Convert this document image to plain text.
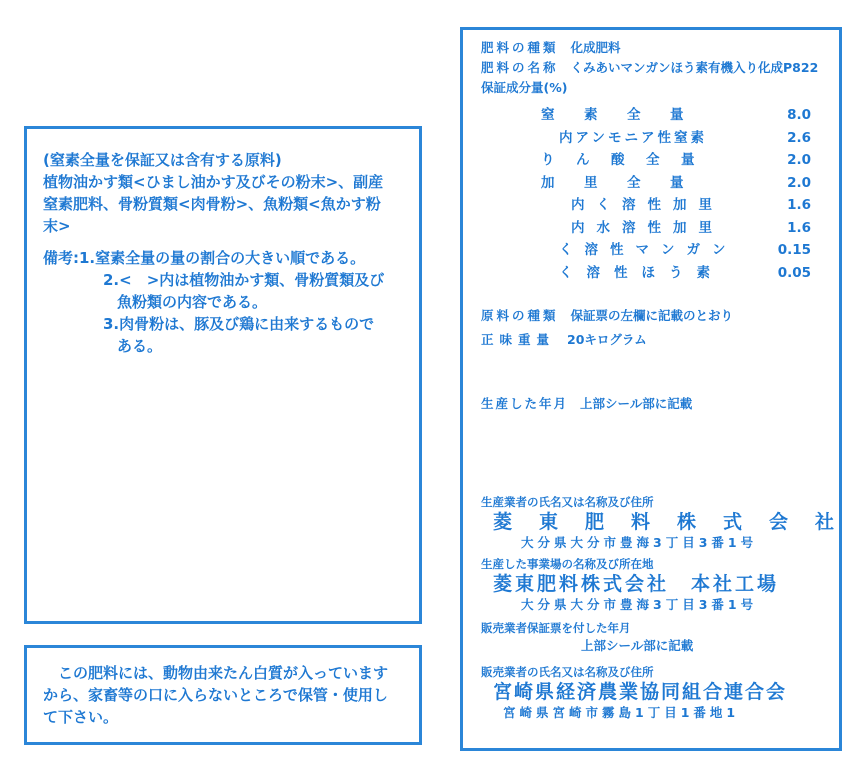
(窒素全量を保証又は含有する原料)
植物油かす類<ひまし油かす及びその粉末>、副産
窒素肥料、骨粉質類<肉骨粉>、魚粉類<魚かす粉
末>
備考:1.窒素全量の量の割合の大きい順である。
2.<　>内は植物油かす類、骨粉質類及び
魚粉類の内容である。
3.肉骨粉は、豚及び鶏に由来するもので
ある。
　この肥料には、動物由来たん白質が入っています
から、家畜等の口に入らないところで保管・使用し
て下さい。
肥料の種類 化成肥料
肥料の名称 くみあいマンガンほう素有機入り化成P822
保証成分量(%)
窒　素　全　量	8.0
内アンモニア性窒素	2.6
り　ん　酸　全　量	2.0
加　里　全　量	2.0
内く溶性加里	1.6
内水溶性加里	1.6
く溶性マンガン	0.15
く溶性ほう素	0.05
原料の種類 保証票の左欄に記載のとおり
正味重量 20キログラム
生産した年月 上部シール部に記載
生産業者の氏名又は名称及び住所
菱　東　肥　料　株　式　会　社
大分県大分市豊海3丁目3番1号
生産した事業場の名称及び所在地
菱東肥料株式会社　本社工場
大分県大分市豊海3丁目3番1号
販売業者保証票を付した年月
上部シール部に記載
販売業者の氏名又は名称及び住所
宮崎県経済農業協同組合連合会
宮崎県宮崎市霧島1丁目1番地1
